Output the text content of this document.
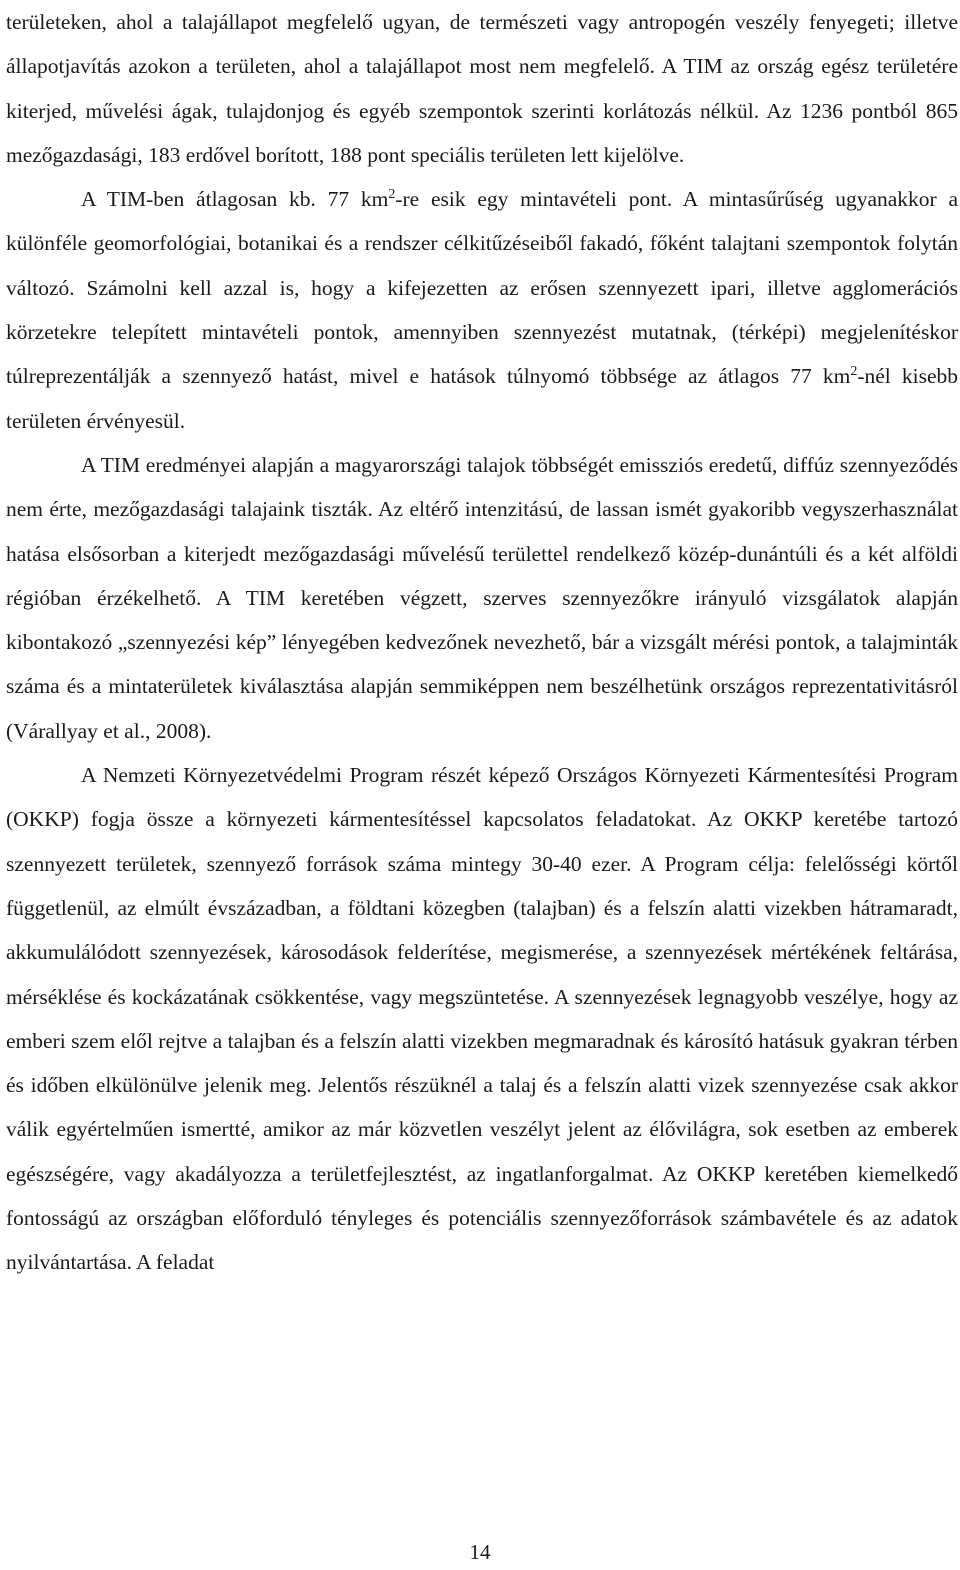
területeken, ahol a talajállapot megfelelő ugyan, de természeti vagy antropogén veszély fenyegeti; illetve állapotjavítás azokon a területen, ahol a talajállapot most nem megfelelő. A TIM az ország egész területére kiterjed, művelési ágak, tulajdonjog és egyéb szempontok szerinti korlátozás nélkül. Az 1236 pontból 865 mezőgazdasági, 183 erdővel borított, 188 pont speciális területen lett kijelölve.

A TIM-ben átlagosan kb. 77 $km^2-re$ esik egy mintavételi pont. A mintasűrűség ugyanakkor a különféle geomorfológiai, botanikai és a rendszer célkitűzéseiből fakadó, főként talajtani szempontok folytán változó. Számolni kell azzal is, hogy a kifejezetten az erősen szennyezett ipari, illetve agglomerációs körzetekre telepített mintavételi pontok, amennyiben szennyezést mutatnak, (térképi) megjelenítéskor túlreprezentálják a szennyező hatást, mivel e hatások túlnyomó többsége az átlagos 77 $km^2$-nél kisebb területen érvényesül.

A TIM eredményei alapján a magyarországi talajok többségét emissziós eredetű, diffúz szennyeződés nem érte, mezőgazdasági talajaink tiszták. Az eltérő intenzitású, de lassan ismét gyakoribb vegyszerhasználat hatása elsősorban a kiterjedt mezőgazdasági művelésű területtel rendelkező közép-dunántúli és a két alföldi régióban érzékelhető. A TIM keretében végzett, szerves szennyezőkre irányuló vizsgálatok alapján kibontakozó „szennyezési kép” lényegében kedvezőnek nevezhető, bár a vizsgált mérési pontok, a talajminták száma és a mintaterületek kiválasztása alapján semmiképpen nem beszélhetünk országos reprezentativitásról (Várallyay et al., 2008).

A Nemzeti Környezetvédelmi Program részét képező Országos Környezeti Kármentesítési Program (OKKP) fogja össze a környezeti kármentesítéssel kapcsolatos feladatokat. Az OKKP keretébe tartozó szennyezett területek, szennyező források száma mintegy 30-40 ezer. A Program célja: felelősségi körtől függetlenül, az elmúlt évszázadban, a földtani közegben (talajban) és a felszín alatti vizekben hátramaradt, akkumulálódott szennyezések, károsodások felderítése, megismerése, a szennyezések mértékének feltárása, mérséklése és kockázatának csökkentése, vagy megszüntetése. A szennyezések legnagyobb veszélye, hogy az emberi szem elől rejtve a talajban és a felszín alatti vizekben megmaradnak és károsító hatásuk gyakran térben és időben elkülönülve jelenik meg. Jelentős részüknél a talaj és a felszín alatti vizek szennyezése csak akkor válik egyértelműen ismertté, amikor az már közvetlen veszélyt jelent az élővilágra, sok esetben az emberek egészségére, vagy akadályozza a területfejlesztést, az ingatlanforgalmat. Az OKKP keretében kiemelkedő fontosságú az országban előforduló tényleges és potenciális szennyezőforrások számbavétele és az adatok nyilvántartása. A feladat

14
